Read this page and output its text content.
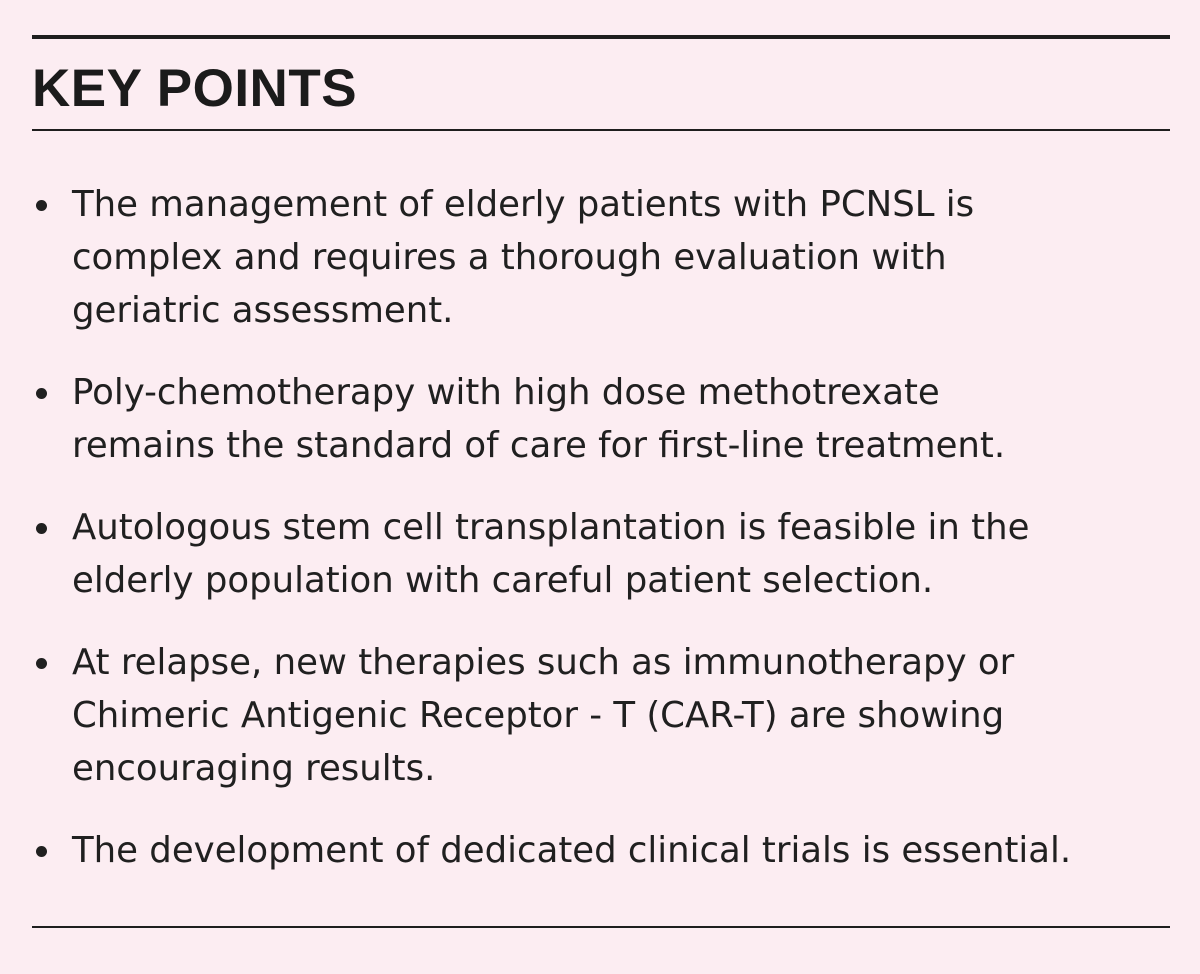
KEY POINTS
The management of elderly patients with PCNSL is
complex and requires a thorough evaluation with
geriatric assessment.
Poly-chemotherapy with high dose methotrexate
remains the standard of care for first-line treatment.
Autologous stem cell transplantation is feasible in the
elderly population with careful patient selection.
At relapse, new therapies such as immunotherapy or
Chimeric Antigenic Receptor - T (CAR-T) are showing
encouraging results.
The development of dedicated clinical trials is essential.
